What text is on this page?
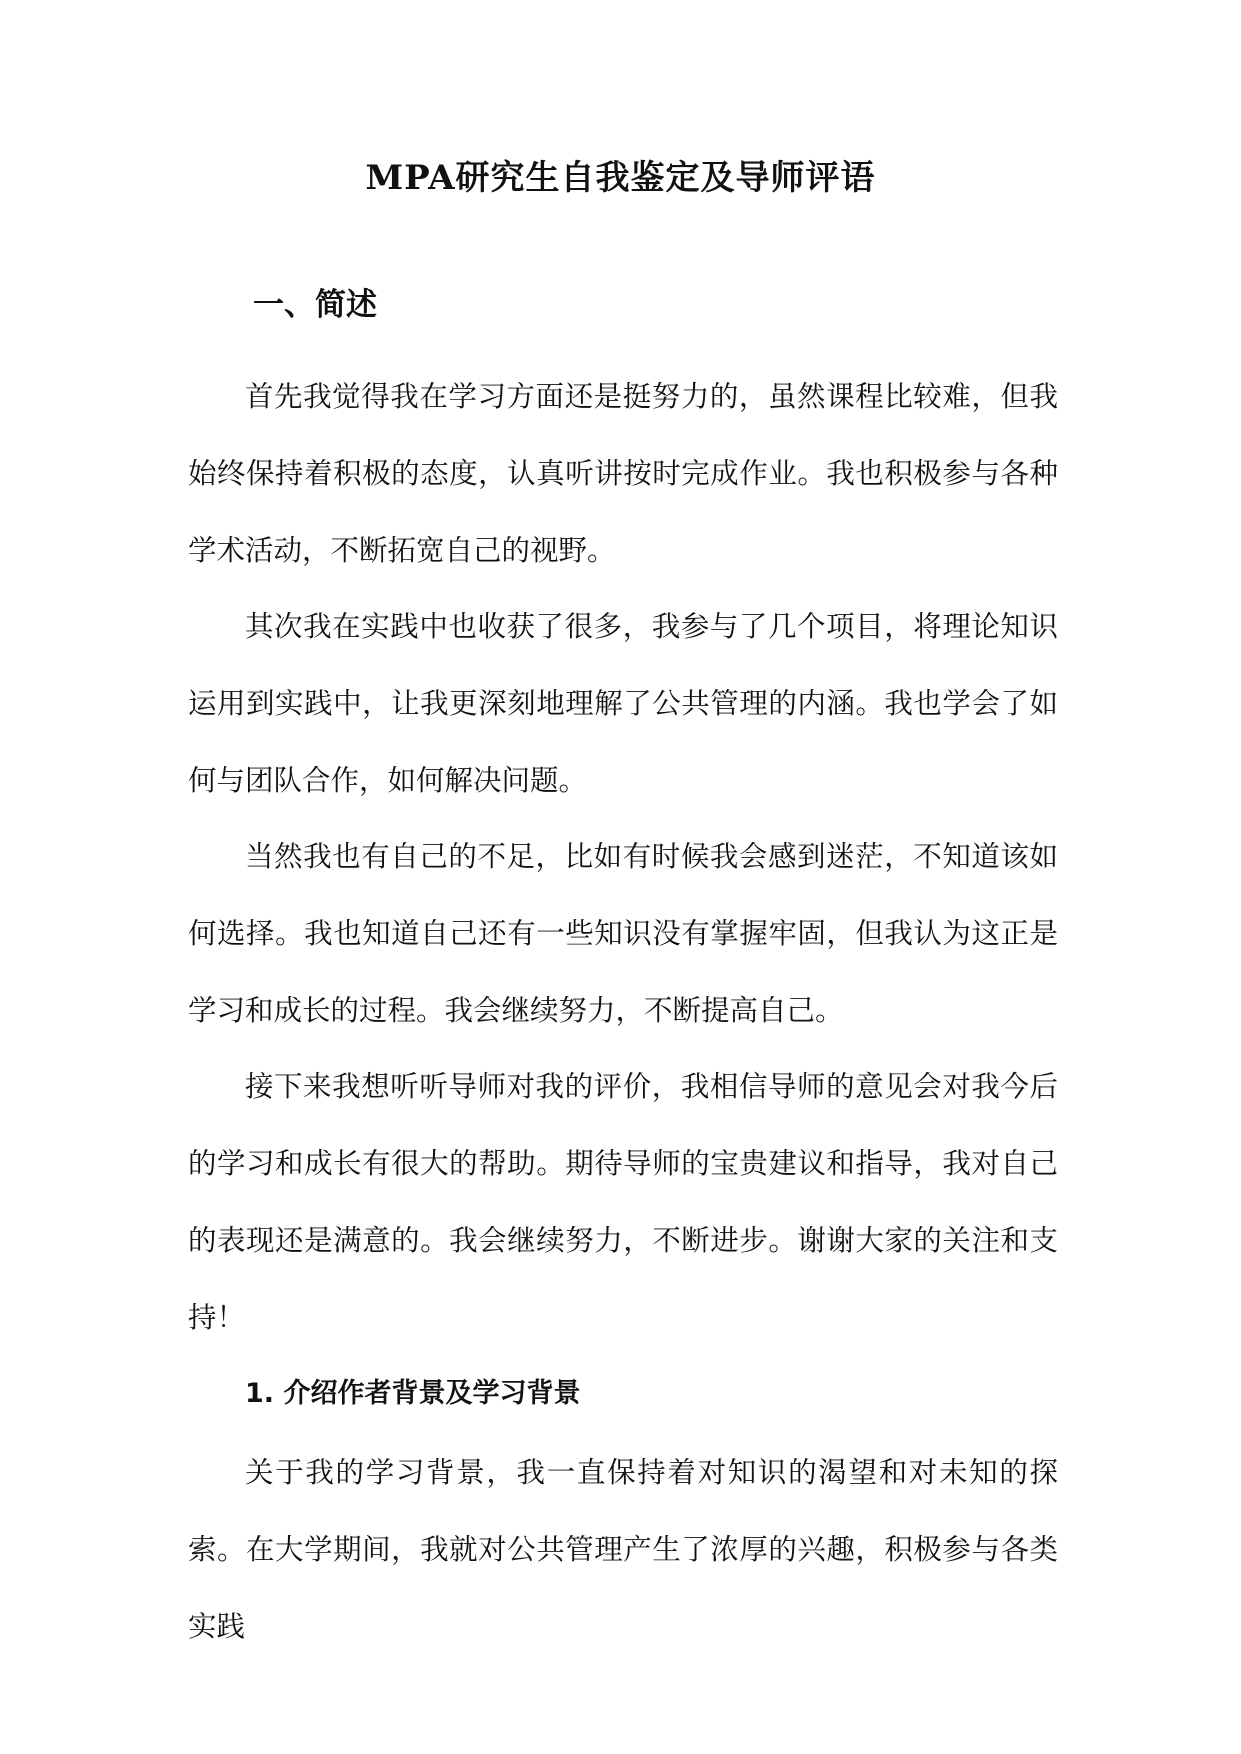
MPA研究生自我鉴定及导师评语
一、简述

首先我觉得我在学习方面还是挺努力的，虽然课程比较难，但我始终保持着积极的态度，认真听讲按时完成作业。我也积极参与各种学术活动，不断拓宽自己的视野。

其次我在实践中也收获了很多，我参与了几个项目，将理论知识运用到实践中，让我更深刻地理解了公共管理的内涵。我也学会了如何与团队合作，如何解决问题。

当然我也有自己的不足，比如有时候我会感到迷茫，不知道该如何选择。我也知道自己还有一些知识没有掌握牢固，但我认为这正是学习和成长的过程。我会继续努力，不断提高自己。

接下来我想听听导师对我的评价，我相信导师的意见会对我今后的学习和成长有很大的帮助。期待导师的宝贵建议和指导，我对自己的表现还是满意的。我会继续努力，不断进步。谢谢大家的关注和支持！

1. 介绍作者背景及学习背景

关于我的学习背景，我一直保持着对知识的渴望和对未知的探索。在大学期间，我就对公共管理产生了浓厚的兴趣，积极参与各类实践
